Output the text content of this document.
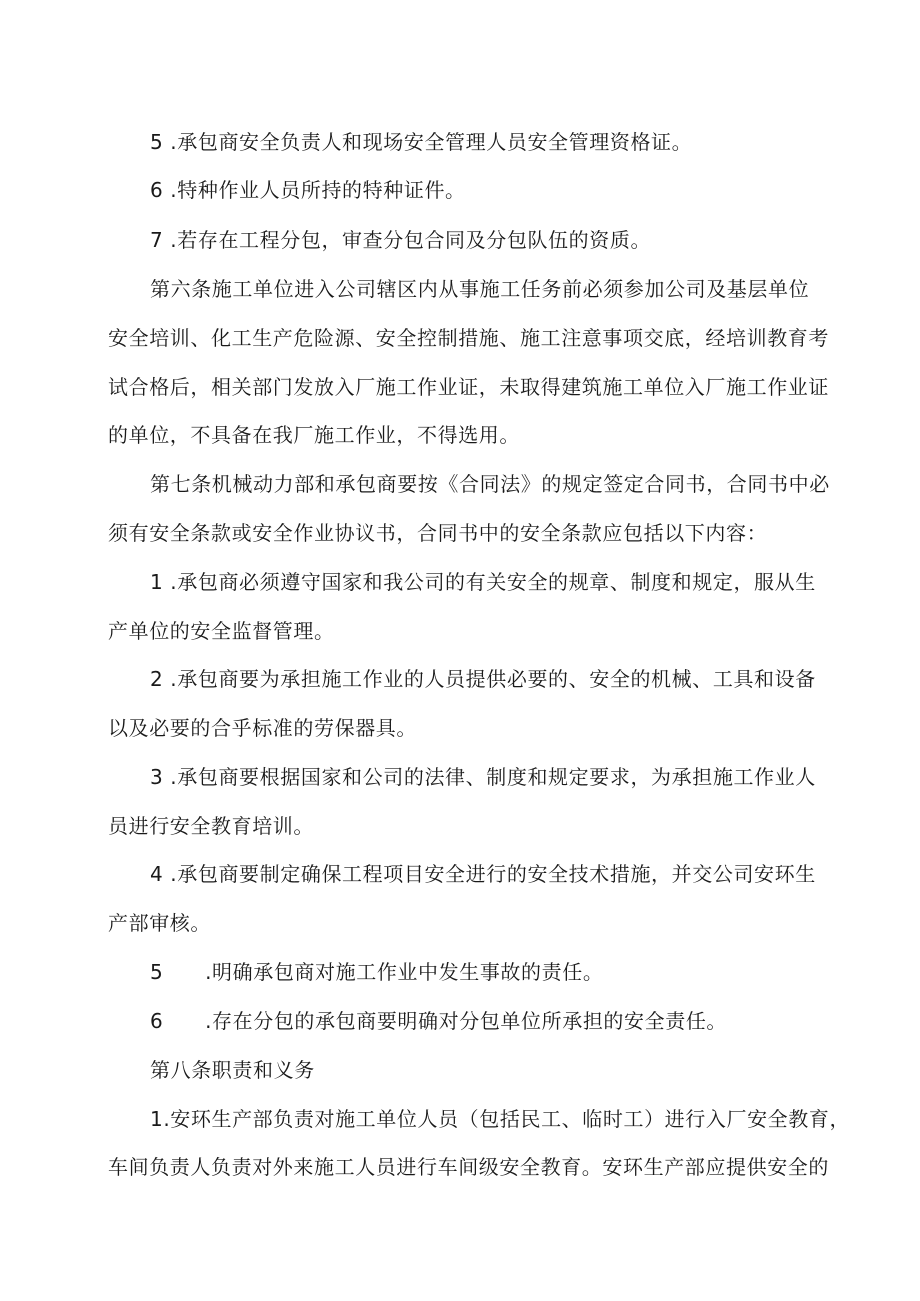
5 .承包商安全负责人和现场安全管理人员安全管理资格证。
6 .特种作业人员所持的特种证件。
7 .若存在工程分包，审查分包合同及分包队伍的资质。
第六条施工单位进入公司辖区内从事施工任务前必须参加公司及基层单位
安全培训、化工生产危险源、安全控制措施、施工注意事项交底，经培训教育考
试合格后，相关部门发放入厂施工作业证，未取得建筑施工单位入厂施工作业证
的单位，不具备在我厂施工作业，不得选用。
第七条机械动力部和承包商要按《合同法》的规定签定合同书，合同书中必
须有安全条款或安全作业协议书，合同书中的安全条款应包括以下内容：
1 .承包商必须遵守国家和我公司的有关安全的规章、制度和规定，服从生
产单位的安全监督管理。
2 .承包商要为承担施工作业的人员提供必要的、安全的机械、工具和设备
以及必要的合乎标准的劳保器具。
3 .承包商要根据国家和公司的法律、制度和规定要求，为承担施工作业人
员进行安全教育培训。
4 .承包商要制定确保工程项目安全进行的安全技术措施，并交公司安环生
产部审核。
5      .明确承包商对施工作业中发生事故的责任。
6      .存在分包的承包商要明确对分包单位所承担的安全责任。
第八条职责和义务
1.安环生产部负责对施工单位人员（包括民工、临时工）进行入厂安全教育，
车间负责人负责对外来施工人员进行车间级安全教育。安环生产部应提供安全的
